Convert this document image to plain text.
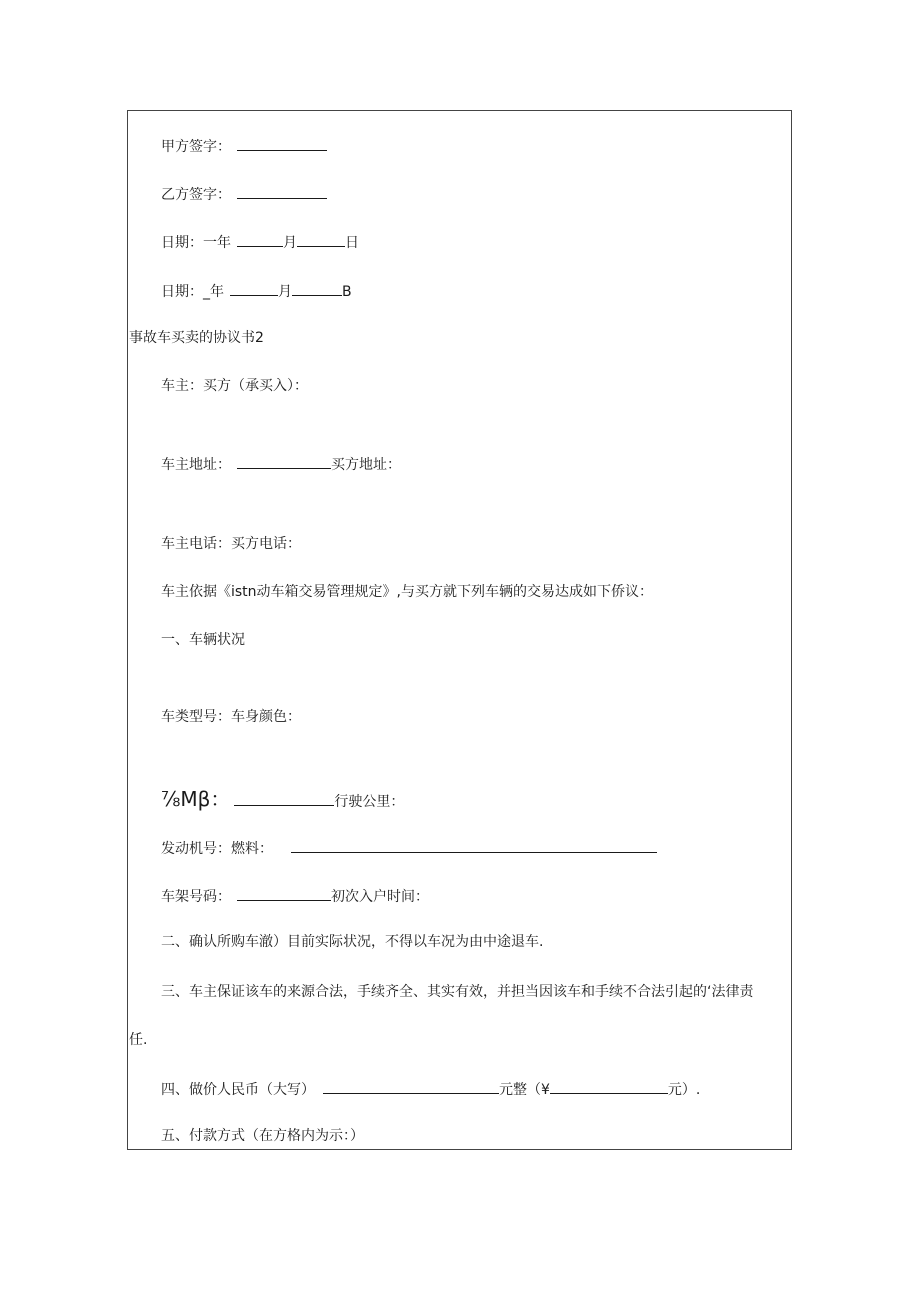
甲方签字：
乙方签字：
日期：一年	月	日
日期：_年	月	B
事故车买卖的协议书2
车主：买方（承买入）：
车主地址：	买方地址：
车主电话：买方电话：
车主依据《istn动车箱交易管理规定》,与买方就下列车辆的交易达成如下侨议：
一、车辆状况
车类型号：车身颜色：
⅞Mβ：	行驶公里：
发动机号：燃料：
车架号码：	初次入户时间：
二、确认所购车澈）目前实际状况，不得以车况为由中途退车.
三、车主保证该车的来源合法，手续齐全、其实有效，并担当因该车和手续不合法引起的‘法律责
任.
四、做价人民币（大写）	元整（¥	元）.
五、付款方式（在方格内为示：）
